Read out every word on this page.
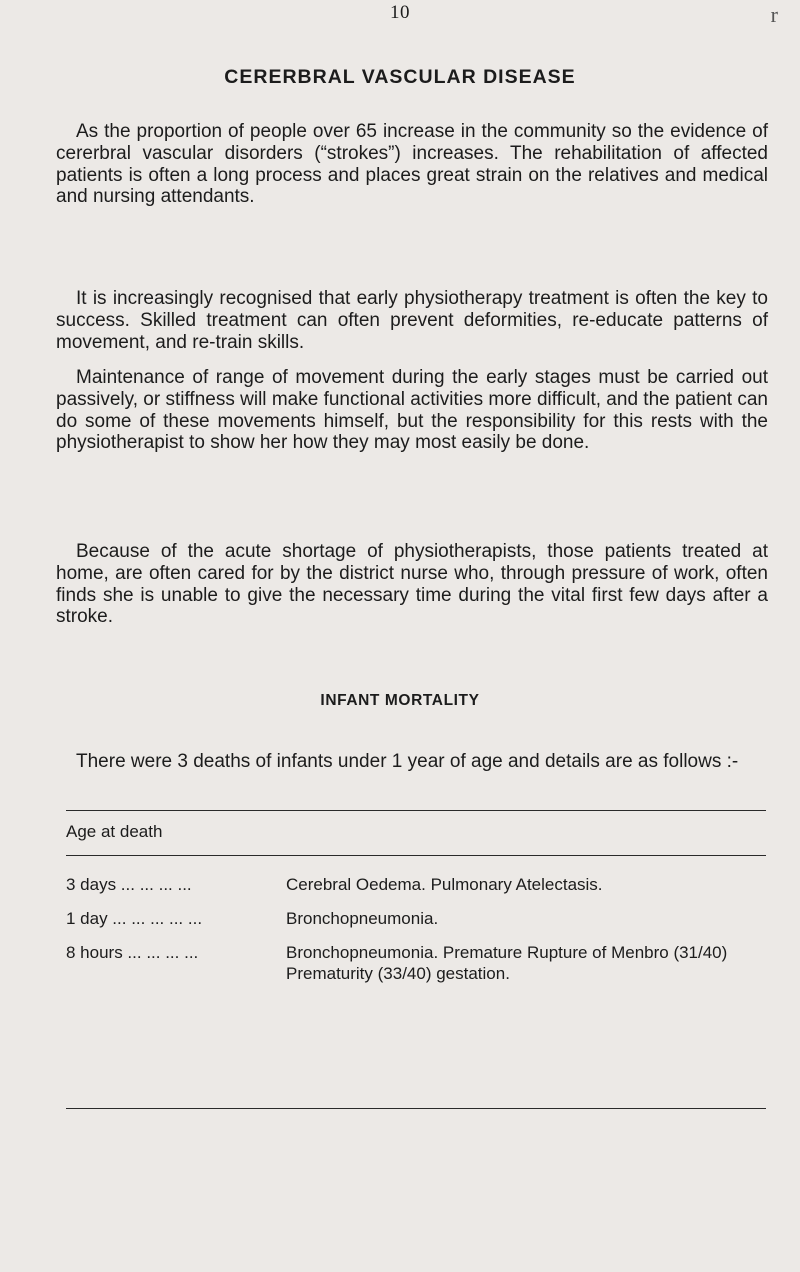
10	r
CERERBRAL VASCULAR DISEASE

As the proportion of people over 65 increase in the community so the evidence of cererbral vascular disorders (“strokes”) increases. The rehabilitation of affected patients is often a long process and places great strain on the relatives and medical and nursing attendants.

It is increasingly recognised that early physiotherapy treatment is often the key to success. Skilled treatment can often prevent deformities, re-educate patterns of movement, and re-train skills.

Maintenance of range of movement during the early stages must be carried out passively, or stiffness will make functional activities more difficult, and the patient can do some of these movements himself, but the responsibility for this rests with the physiotherapist to show her how they may most easily be done.

Because of the acute shortage of physiotherapists, those patients treated at home, are often cared for by the district nurse who, through pressure of work, often finds she is unable to give the necessary time during the vital first few days after a stroke.

INFANT MORTALITY

There were 3 deaths of infants under 1 year of age and details are as follows :-

Age at death
3 days ... ... ... ...	Cerebral Oedema. Pulmonary Atelectasis.
1 day ... ... ... ... ...	Bronchopneumonia.
8 hours ... ... ... ...	Bronchopneumonia. Premature Rupture of Menbro (31/40) Prematurity (33/40) gestation.
